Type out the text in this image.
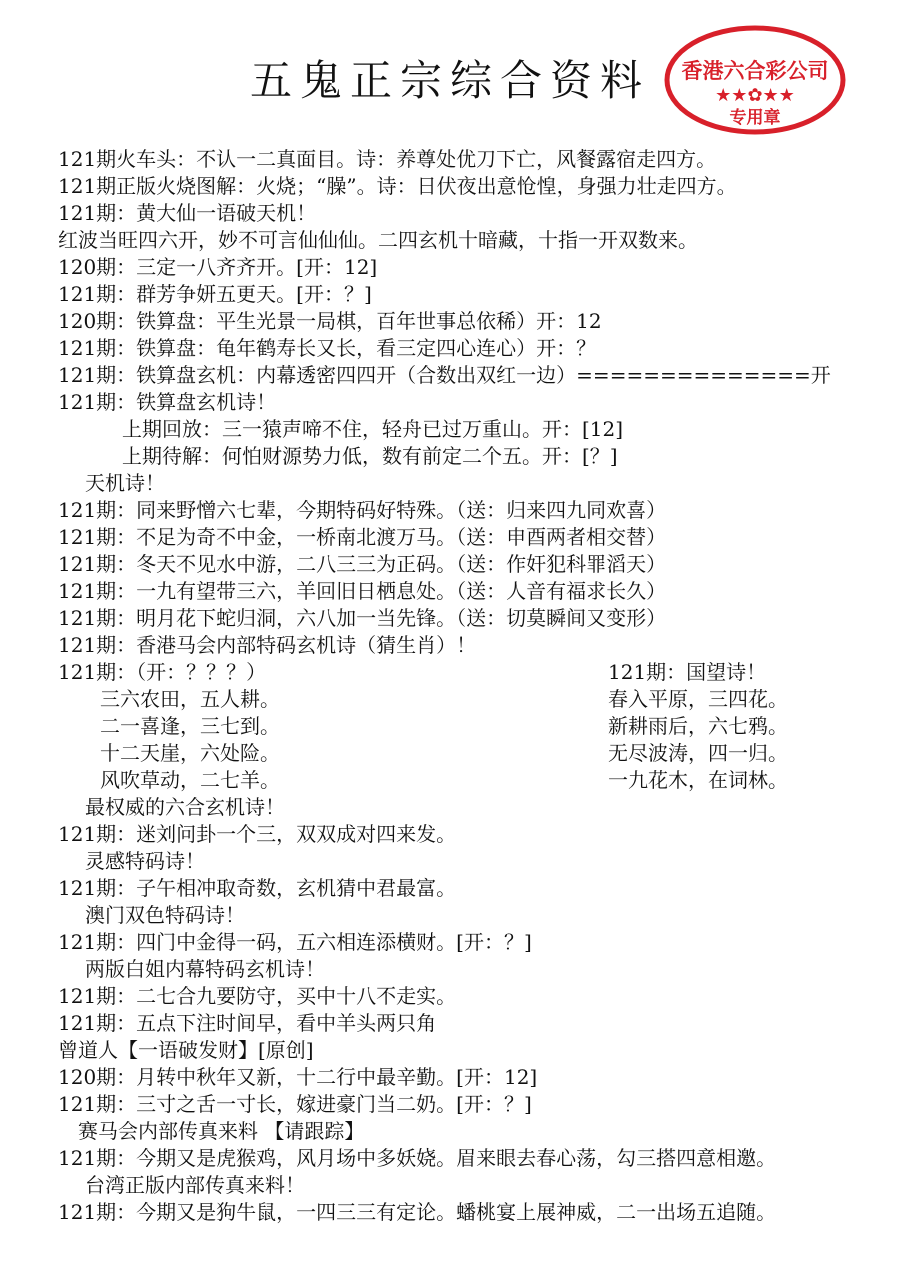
五鬼正宗综合资料	香港六合彩公司
★★✿★★
专用章
121期火车头：不认一二真面目。诗：养尊处优刀下亡，风餐露宿走四方。
121期正版火烧图解：火烧；“臊”。诗：日伏夜出意怆惶，身强力壮走四方。
121期：黄大仙一语破天机！
红波当旺四六开，妙不可言仙仙仙。二四玄机十暗藏，十指一开双数来。
120期：三定一八齐齐开。[开：12]
121期：群芳争妍五更天。[开：？]
120期：铁算盘：平生光景一局棋，百年世事总依稀）开：12
121期：铁算盘：龟年鹤寿长又长，看三定四心连心）开：？
121期：铁算盘玄机：内幕透密四四开（合数出双红一边）==============开
121期：铁算盘玄机诗！
上期回放：三一猿声啼不住，轻舟已过万重山。开：[12]
上期待解：何怕财源势力低，数有前定二个五。开：[？]
天机诗！
121期：同来野憎六七辈，今期特码好特殊。（送：归来四九同欢喜）
121期：不足为奇不中金，一桥南北渡万马。（送：申酉两者相交替）
121期：冬天不见水中游，二八三三为正码。（送：作奸犯科罪滔天）
121期：一九有望带三六，羊回旧日栖息处。（送：人音有福求长久）
121期：明月花下蛇归洞，六八加一当先锋。（送：切莫瞬间又变形）
121期：香港马会内部特码玄机诗（猜生肖）！
121期：（开：？？？）
三六农田，五人耕。
二一喜逢，三七到。
十二天崖，六处险。
风吹草动，二七羊。
最权威的六合玄机诗！
121期：迷刘问卦一个三，双双成对四来发。
灵感特码诗！
121期：子午相冲取奇数，玄机猜中君最富。
澳门双色特码诗！
121期：四门中金得一码，五六相连添横财。[开：？]
两版白姐内幕特码玄机诗！
121期：二七合九要防守，买中十八不走实。
121期：五点下注时间早，看中羊头两只角
曾道人【一语破发财】[原创]
120期：月转中秋年又新，十二行中最辛勤。[开：12]
121期：三寸之舌一寸长，嫁进豪门当二奶。[开：？]
赛马会内部传真来料 【请跟踪】
121期：今期又是虎猴鸡，风月场中多妖娆。眉来眼去春心荡，勾三搭四意相邀。
台湾正版内部传真来料！
121期：今期又是狗牛鼠，一四三三有定论。蟠桃宴上展神威，二一出场五追随。
121期：国望诗！
春入平原，三四花。
新耕雨后，六七鸦。
无尽波涛，四一归。
一九花木，在词林。
